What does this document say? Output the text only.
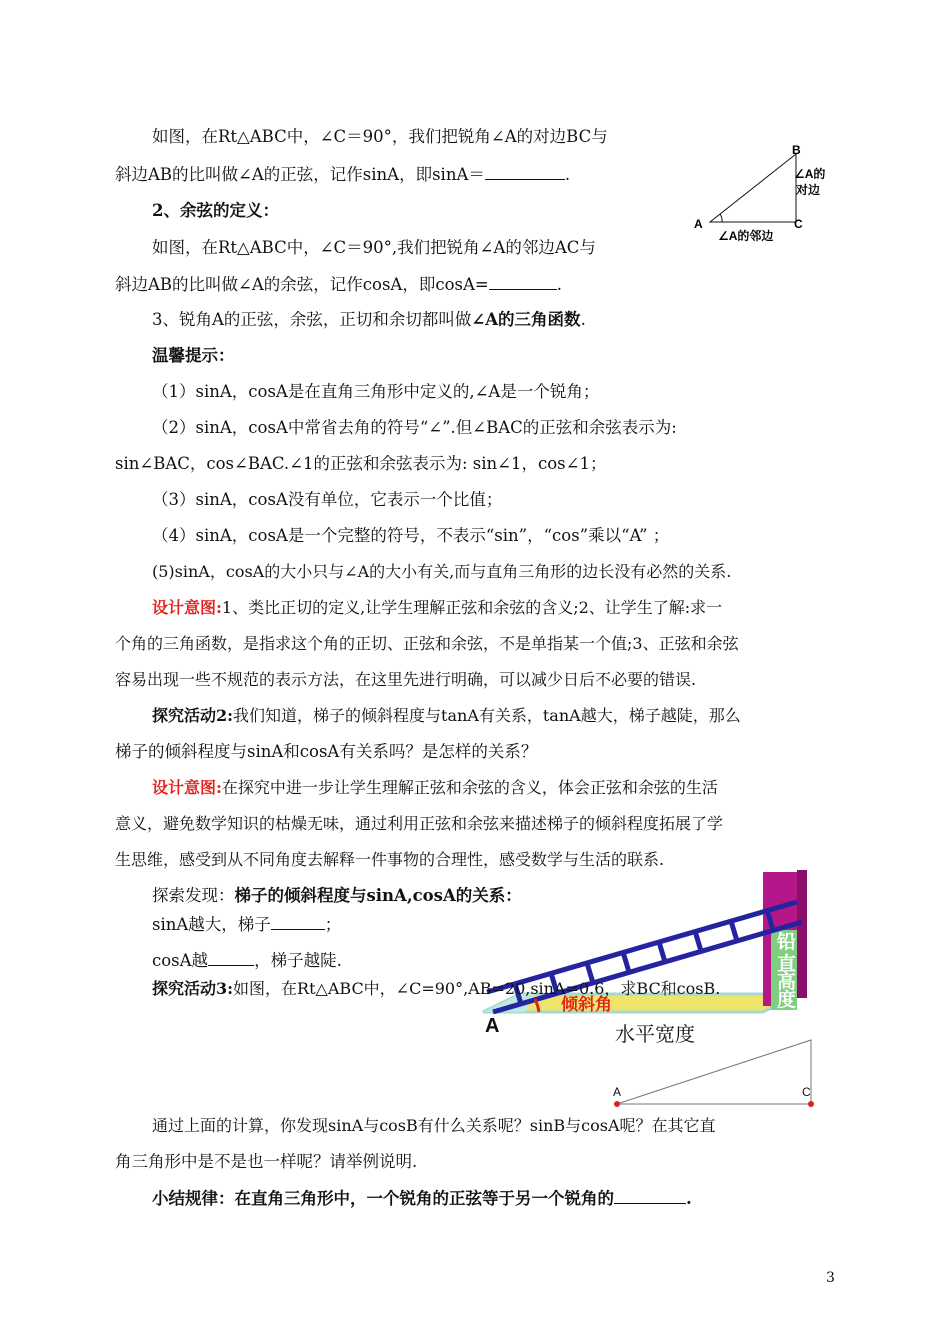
如图，在Rt△ABC中，∠C＝90°，我们把锐角∠A的对边BC与
斜边AB的比叫做∠A的正弦，记作sinA，即sinA＝	.
2、余弦的定义：
如图，在Rt△ABC中，∠C＝90°,我们把锐角∠A的邻边AC与
斜边AB的比叫做∠A的余弦，记作cosA，即cosA=	.
3、锐角A的正弦，余弦，正切和余切都叫做∠A的三角函数.
温馨提示：
（1）sinA，cosA是在直角三角形中定义的,∠A是一个锐角；
（2）sinA，cosA中常省去角的符号“∠”.但∠BAC的正弦和余弦表示为:
sin∠BAC，cos∠BAC.∠1的正弦和余弦表示为: sin∠1，cos∠1；
（3）sinA，cosA没有单位，它表示一个比值；
（4）sinA，cosA是一个完整的符号，不表示“sin”，“cos”乘以“A” ；
(5)sinA，cosA的大小只与∠A的大小有关,而与直角三角形的边长没有必然的关系.
设计意图:1、类比正切的定义,让学生理解正弦和余弦的含义;2、让学生了解:求一
个角的三角函数，是指求这个角的正切、正弦和余弦，不是单指某一个值;3、正弦和余弦
容易出现一些不规范的表示方法，在这里先进行明确，可以减少日后不必要的错误.
探究活动2:我们知道，梯子的倾斜程度与tanA有关系，tanA越大，梯子越陡，那么
梯子的倾斜程度与sinA和cosA有关系吗？是怎样的关系？
设计意图:在探究中进一步让学生理解正弦和余弦的含义，体会正弦和余弦的生活
意义，避免数学知识的枯燥无味，通过利用正弦和余弦来描述梯子的倾斜程度拓展了学
生思维，感受到从不同角度去解释一件事物的合理性，感受数学与生活的联系.
探索发现：梯子的倾斜程度与sinA,cosA的关系：
sinA越大，梯子	；
cosA越	，梯子越陡.
倾斜角
铅
直
高
度
A	水平宽度
探究活动3:如图，在Rt△ABC中，∠C=90°,AB=20,sinA=0.6，求BC和cosB.
A	C
通过上面的计算，你发现sinA与cosB有什么关系呢？sinB与cosA呢？在其它直
角三角形中是不是也一样呢？请举例说明.
小结规律：在直角三角形中，一个锐角的正弦等于另一个锐角的	.
B
A	C
∠A的
对边
∠A的邻边
3
